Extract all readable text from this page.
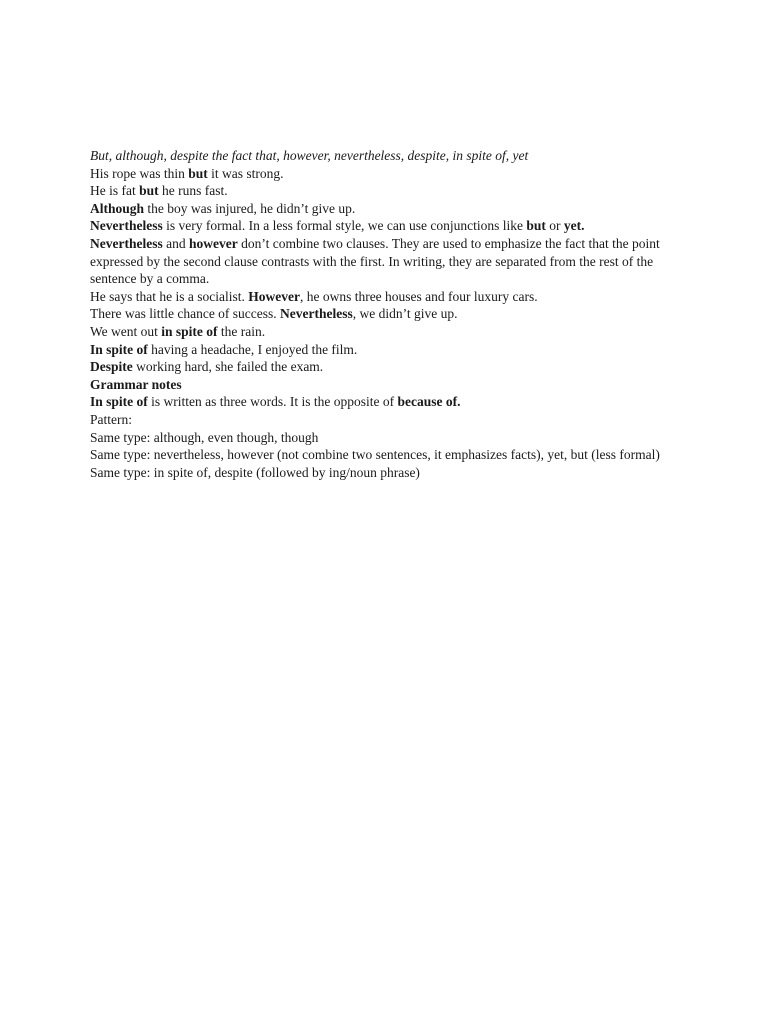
But, although, despite the fact that, however, nevertheless, despite, in spite of, yet

His rope was thin but it was strong.

He is fat but he runs fast.

Although the boy was injured, he didn’t give up.

Nevertheless is very formal. In a less formal style, we can use conjunctions like but or yet.

Nevertheless and however don’t combine two clauses. They are used to emphasize the fact that the point expressed by the second clause contrasts with the first. In writing, they are separated from the rest of the sentence by a comma.

He says that he is a socialist. However, he owns three houses and four luxury cars.

There was little chance of success. Nevertheless, we didn’t give up.

We went out in spite of the rain.

In spite of having a headache, I enjoyed the film.

Despite working hard, she failed the exam.

Grammar notes

In spite of is written as three words. It is the opposite of because of.

Pattern:

Same type: although, even though, though

Same type: nevertheless, however (not combine two sentences, it emphasizes facts), yet, but (less formal)

Same type: in spite of, despite (followed by ing/noun phrase)
